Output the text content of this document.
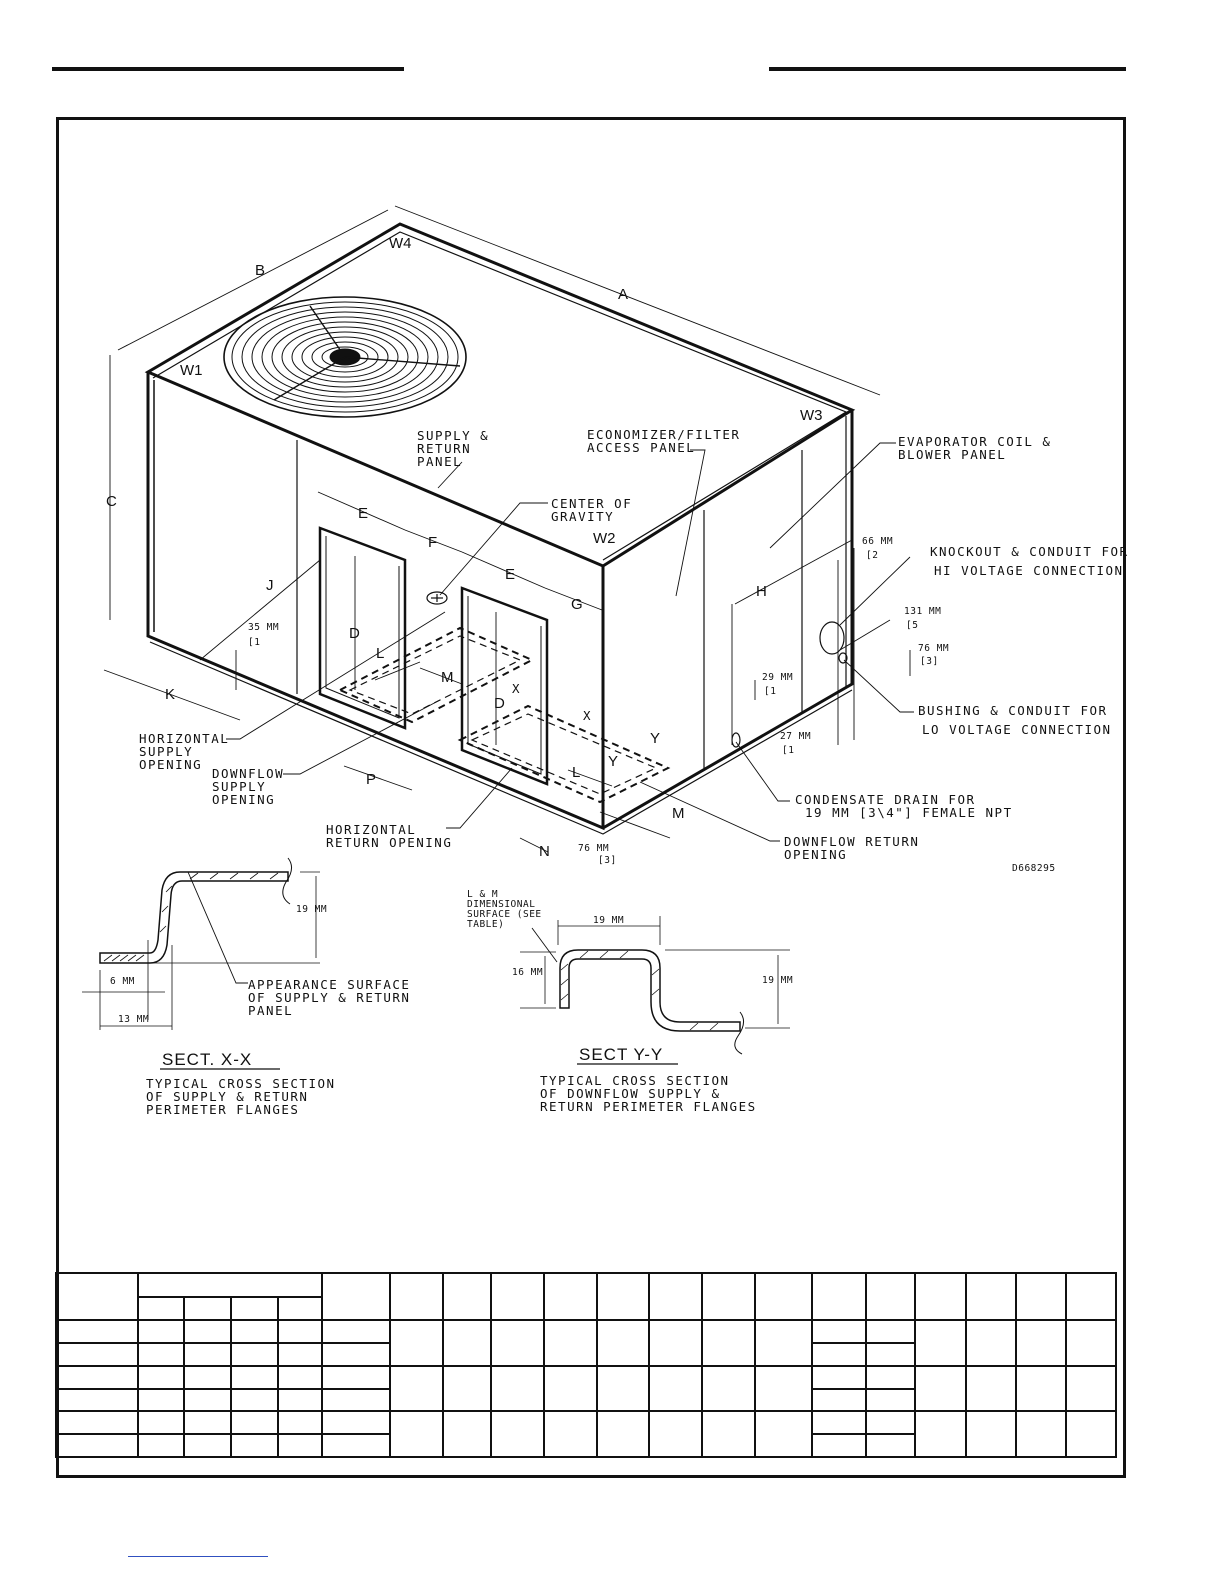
A
B
C
D
D
E
E
F
G
H
J
K
L
L
M
M
N
P
X
X
Y
Y
W1
W2
W3
W4
SUPPLY & RETURN PANEL
ECONOMIZER/FILTER ACCESS PANEL
CENTER OF GRAVITY
EVAPORATOR COIL & BLOWER PANEL
KNOCKOUT & CONDUIT FOR HI VOLTAGE CONNECTION
BUSHING & CONDUIT FOR LO VOLTAGE CONNECTION
CONDENSATE DRAIN FOR 19 MM [3\4"] FEMALE NPT
HORIZONTAL SUPPLY OPENING
DOWNFLOW SUPPLY OPENING
HORIZONTAL RETURN OPENING	DOWNFLOW RETURN OPENING
D668295
35 MM
[1
66 MM
[2
131 MM
[5
76 MM
[3]
29 MM
[1
27 MM
[1
76 MM
[3]
19 MM
6 MM
13 MM
APPEARANCE SURFACE OF SUPPLY & RETURN PANEL
SECT. X-X
TYPICAL CROSS SECTION OF SUPPLY & RETURN PERIMETER FLANGES
L & M DIMENSIONAL SURFACE (SEE TABLE)	19 MM
16 MM
19 MM
SECT Y-Y
TYPICAL CROSS SECTION OF DOWNFLOW SUPPLY & RETURN PERIMETER FLANGES
